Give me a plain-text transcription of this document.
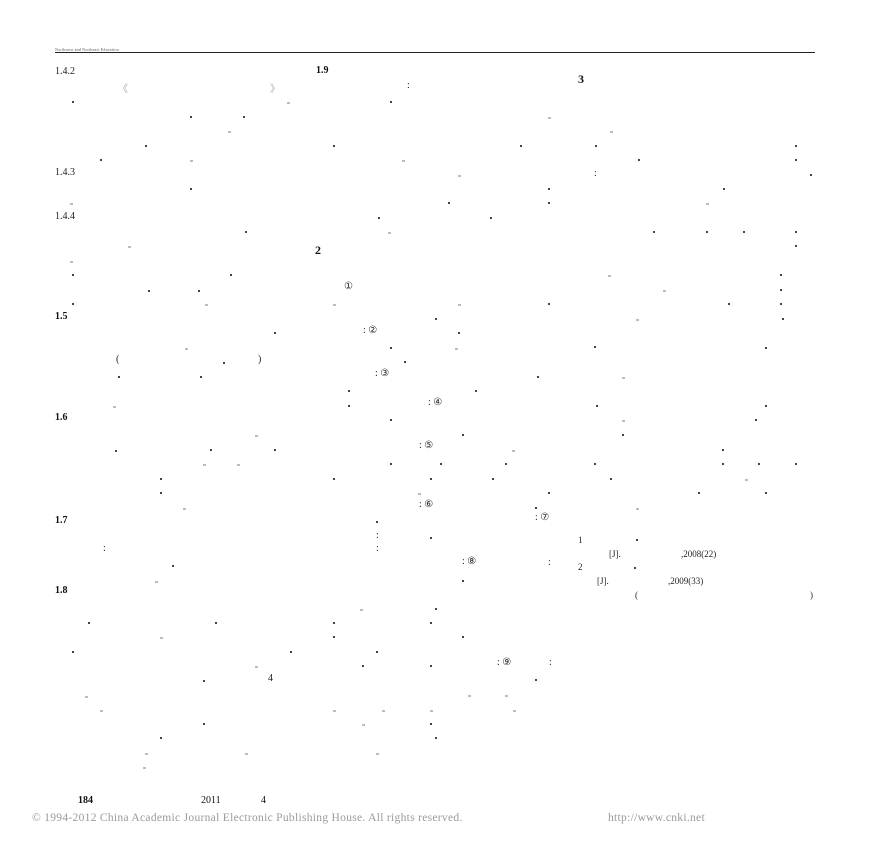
Northwest and Northeast Education
1.4.2
1.4.3
1.4.4
1.5
1.6
1.7
1.8
1.9
2
3
《	》
(	)
①
: ②
: ③
: ④
: ⑤
: ⑥
: ⑦
: ⑧
: ⑨
:
:
:	:
:
:
:
4
1
[J].	,2008(22)
2
[J].	,2009(33)
(	)
184	2011	4
© 1994-2012 China Academic Journal Electronic Publishing House. All rights reserved.	http://www.cnki.net
